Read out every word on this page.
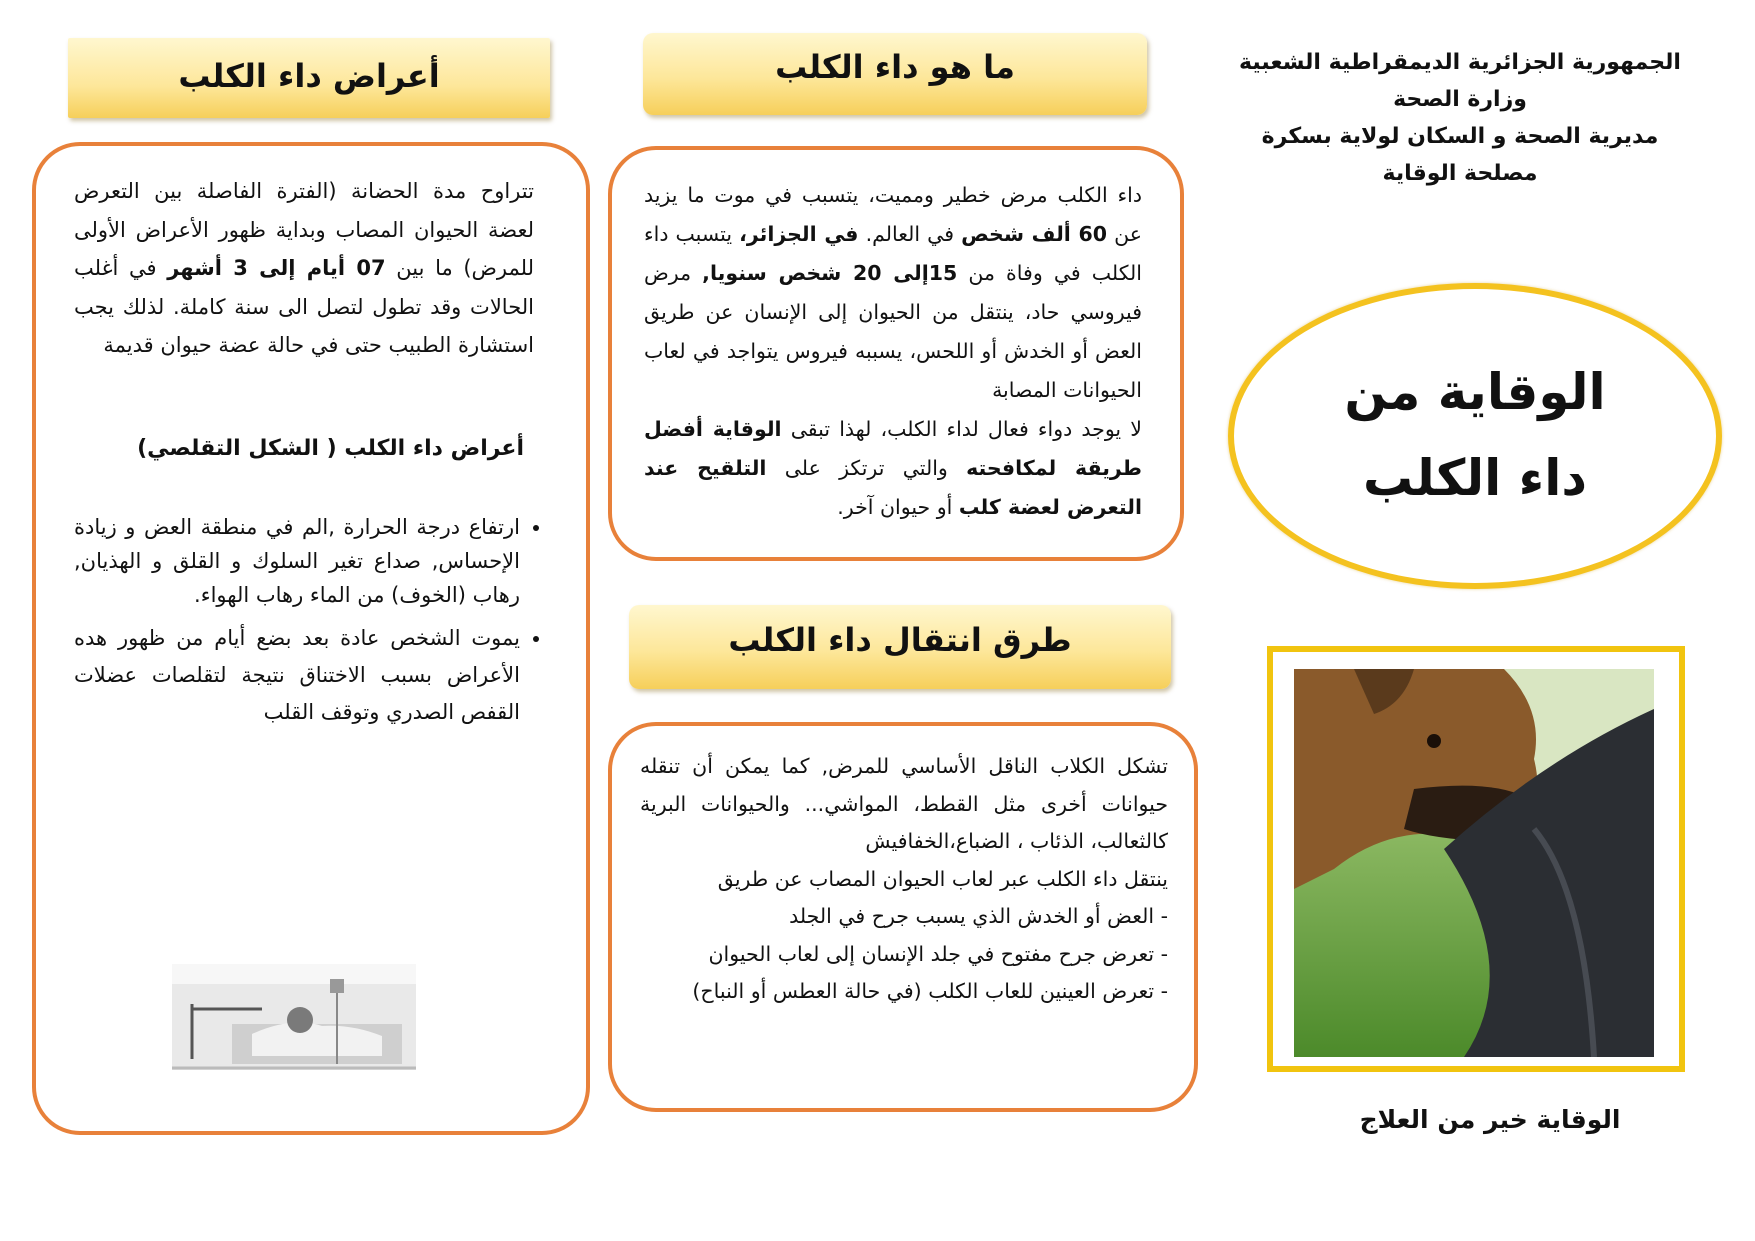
الجمهورية الجزائرية الديمقراطية الشعبية
وزارة الصحة
مديرية الصحة و السكان لولاية بسكرة
مصلحة الوقاية
الوقاية من
داء الكلب
الوقاية خير من العلاج
ما هو داء الكلب
داء الكلب مرض خطير ومميت، يتسبب في موت ما يزيد عن 60 ألف شخص في العالم. في الجزائر، يتسبب داء الكلب في وفاة من 15إلى 20 شخص سنويا, مرض فيروسي حاد، ينتقل من الحيوان إلى الإنسان عن طريق العض أو الخدش أو اللحس، يسببه فيروس يتواجد في لعاب الحيوانات المصابة
لا يوجد دواء فعال لداء الكلب، لهذا تبقى الوقاية أفضل طريقة لمكافحته والتي ترتكز على التلقيح عند التعرض لعضة كلب أو حيوان آخر.
طرق انتقال داء الكلب
تشكل الكلاب الناقل الأساسي للمرض, كما يمكن أن تنقله حيوانات أخرى مثل القطط، المواشي... والحيوانات البرية كالثعالب، الذئاب ، الضباع،الخفافيش
ينتقل داء الكلب عبر لعاب الحيوان المصاب عن طريق
- العض أو الخدش الذي يسبب جرح في الجلد
- تعرض جرح مفتوح في جلد الإنسان إلى لعاب الحيوان
- تعرض العينين للعاب الكلب (في حالة العطس أو النباح)
أعراض داء الكلب
تتراوح مدة الحضانة (الفترة الفاصلة بين التعرض لعضة الحيوان المصاب وبداية ظهور الأعراض الأولى للمرض) ما بين 07 أيام إلى 3 أشهر في أغلب الحالات وقد تطول لتصل الى سنة كاملة. لذلك يجب استشارة الطبيب حتى في حالة عضة حيوان قديمة
أعراض داء الكلب ( الشكل التقلصي)
• ارتفاع درجة الحرارة ,الم في منطقة العض و زيادة الإحساس, صداع تغير السلوك و القلق و الهذيان, رهاب (الخوف) من الماء رهاب الهواء.
• يموت الشخص عادة بعد بضع أيام من ظهور هده الأعراض بسبب الاختناق نتيجة لتقلصات عضلات القفص الصدري وتوقف القلب
